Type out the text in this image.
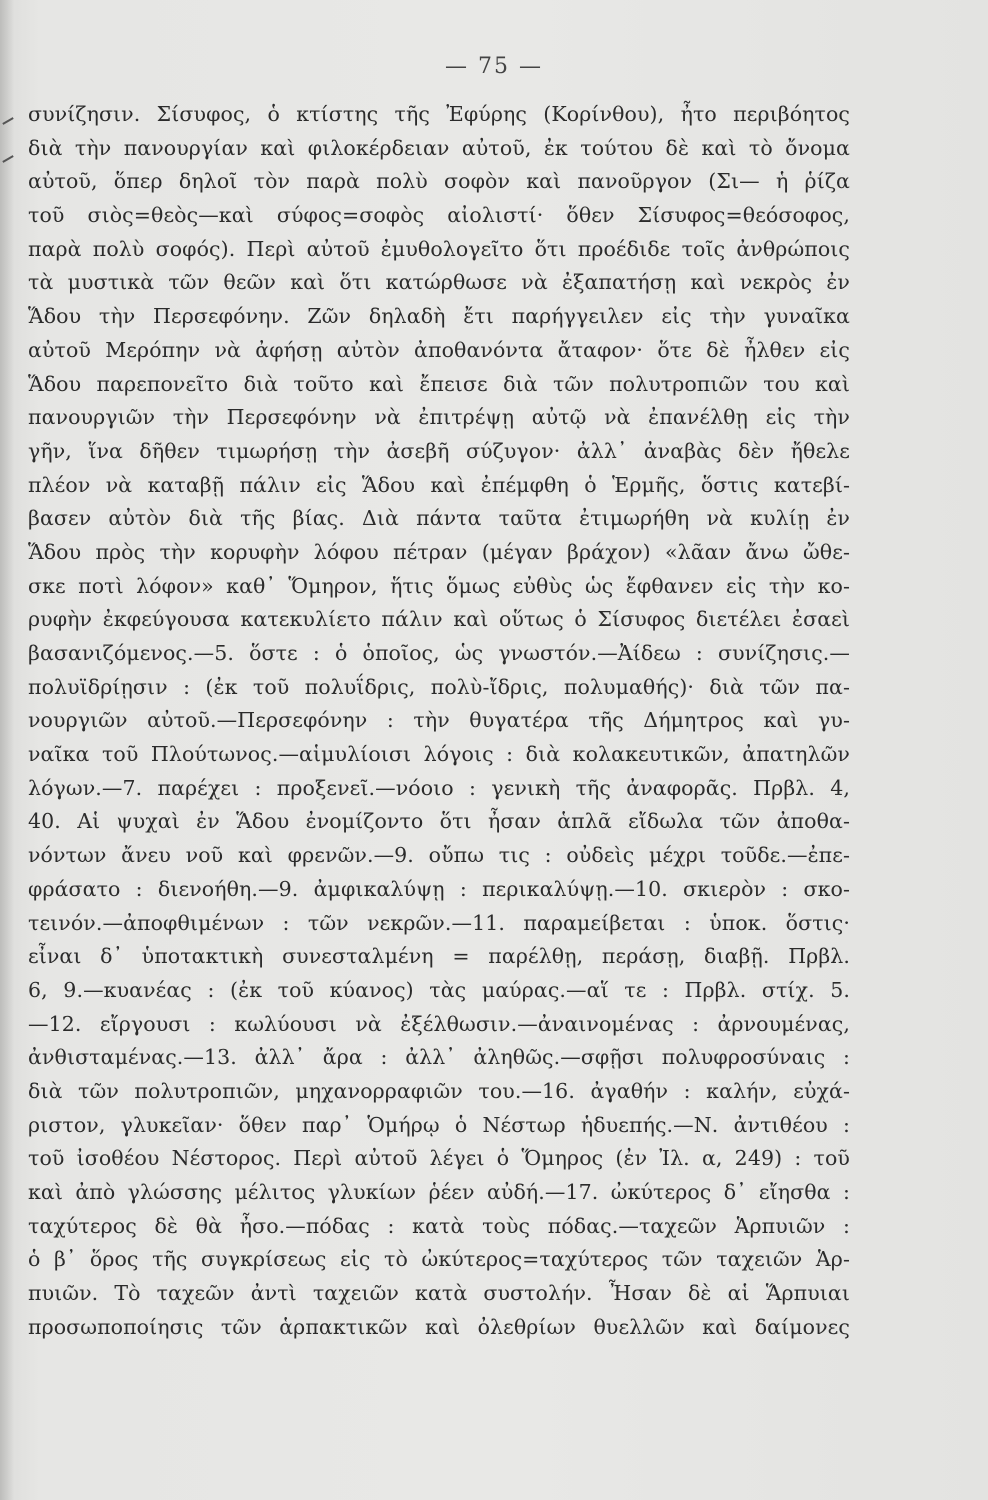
— 75 —
συνίζησιν. Σίσυφος, ὁ κτίστης τῆς Ἐφύρης (Κορίνθου), ἦτο περιβόητος
διὰ τὴν πανουργίαν καὶ φιλοκέρδειαν αὐτοῦ, ἐκ τούτου δὲ καὶ τὸ ὄνομα
αὐτοῦ, ὅπερ δηλοῖ τὸν παρὰ πολὺ σοφὸν καὶ πανοῦργον (Σι— ἡ ῥίζα
τοῦ σιὸς=θεὸς—καὶ σύφος=σοφὸς αἰολιστί· ὅθεν Σίσυφος=θεόσοφος,
παρὰ πολὺ σοφός). Περὶ αὐτοῦ ἐμυθολογεῖτο ὅτι προέδιδε τοῖς ἀνθρώποις
τὰ μυστικὰ τῶν θεῶν καὶ ὅτι κατώρθωσε νὰ ἐξαπατήσῃ καὶ νεκρὸς ἐν
Ἅδου τὴν Περσεφόνην. Ζῶν δηλαδὴ ἔτι παρήγγειλεν εἰς τὴν γυναῖκα
αὐτοῦ Μερόπην νὰ ἀφήσῃ αὐτὸν ἀποθανόντα ἄταφον· ὅτε δὲ ἦλθεν εἰς
Ἅδου παρεπονεῖτο διὰ τοῦτο καὶ ἔπεισε διὰ τῶν πολυτροπιῶν του καὶ
πανουργιῶν τὴν Περσεφόνην νὰ ἐπιτρέψῃ αὐτῷ νὰ ἐπανέλθῃ εἰς τὴν
γῆν, ἵνα δῆθεν τιμωρήσῃ τὴν ἀσεβῆ σύζυγον· ἀλλ᾽ ἀναβὰς δὲν ἤθελε
πλέον νὰ καταβῇ πάλιν εἰς Ἅδου καὶ ἐπέμφθη ὁ Ἑρμῆς, ὅστις κατεβί-
βασεν αὐτὸν διὰ τῆς βίας. Διὰ πάντα ταῦτα ἐτιμωρήθη νὰ κυλίῃ ἐν
Ἅδου πρὸς τὴν κορυφὴν λόφου πέτραν (μέγαν βράχον) «λᾶαν ἄνω ὤθε-
σκε ποτὶ λόφον» καθ᾽ Ὅμηρον, ἥτις ὅμως εὐθὺς ὡς ἔφθανεν εἰς τὴν κο-
ρυφὴν ἐκφεύγουσα κατεκυλίετο πάλιν καὶ οὕτως ὁ Σίσυφος διετέλει ἐσαεὶ
βασανιζόμενος.—5. ὅστε : ὁ ὁποῖος, ὡς γνωστόν.—Ἀίδεω : συνίζησις.—
πολυϊδρίῃσιν : (ἐκ τοῦ πολυΐδρις, πολὺ-ἴδρις, πολυμαθής)· διὰ τῶν πα-
νουργιῶν αὐτοῦ.—Περσεφόνην : τὴν θυγατέρα τῆς Δήμητρος καὶ γυ-
ναῖκα τοῦ Πλούτωνος.—αἱμυλίοισι λόγοις : διὰ κολακευτικῶν, ἀπατηλῶν
λόγων.—7. παρέχει : προξενεῖ.—νόοιο : γενικὴ τῆς ἀναφορᾶς. Πρβλ. 4,
40. Αἱ ψυχαὶ ἐν Ἅδου ἐνομίζοντο ὅτι ἦσαν ἁπλᾶ εἴδωλα τῶν ἀποθα-
νόντων ἄνευ νοῦ καὶ φρενῶν.—9. οὔπω τις : οὐδεὶς μέχρι τοῦδε.—ἐπε-
φράσατο : διενοήθη.—9. ἀμφικαλύψῃ : περικαλύψῃ.—10. σκιερὸν : σκο-
τεινόν.—ἀποφθιμένων : τῶν νεκρῶν.—11. παραμείβεται : ὑποκ. ὅστις·
εἶναι δ᾽ ὑποτακτικὴ συνεσταλμένη = παρέλθῃ, περάσῃ, διαβῇ. Πρβλ.
6, 9.—κυανέας : (ἐκ τοῦ κύανος) τὰς μαύρας.—αἵ τε : Πρβλ. στίχ. 5.
—12. εἴργουσι : κωλύουσι νὰ ἐξέλθωσιν.—ἀναινομένας : ἀρνουμένας,
ἀνθισταμένας.—13. ἀλλ᾽ ἄρα : ἀλλ᾽ ἀληθῶς.—σφῇσι πολυφροσύναις :
διὰ τῶν πολυτροπιῶν, μηχανορραφιῶν του.—16. ἀγαθήν : καλήν, εὐχά-
ριστον, γλυκεῖαν· ὅθεν παρ᾽ Ὁμήρῳ ὁ Νέστωρ ἡδυεπής.—Ν. ἀντιθέου :
τοῦ ἰσοθέου Νέστορος. Περὶ αὐτοῦ λέγει ὁ Ὅμηρος (ἐν Ἰλ. α, 249) : τοῦ
καὶ ἀπὸ γλώσσης μέλιτος γλυκίων ῥέεν αὐδή.—17. ὠκύτερος δ᾽ εἴησθα :
ταχύτερος δὲ θὰ ἦσο.—πόδας : κατὰ τοὺς πόδας.—ταχεῶν Ἁρπυιῶν :
ὁ β᾽ ὅρος τῆς συγκρίσεως εἰς τὸ ὠκύτερος=ταχύτερος τῶν ταχειῶν Ἁρ-
πυιῶν. Τὸ ταχεῶν ἀντὶ ταχειῶν κατὰ συστολήν. Ἦσαν δὲ αἱ Ἅρπυιαι
προσωποποίησις τῶν ἁρπακτικῶν καὶ ὀλεθρίων θυελλῶν καὶ δαίμονες
